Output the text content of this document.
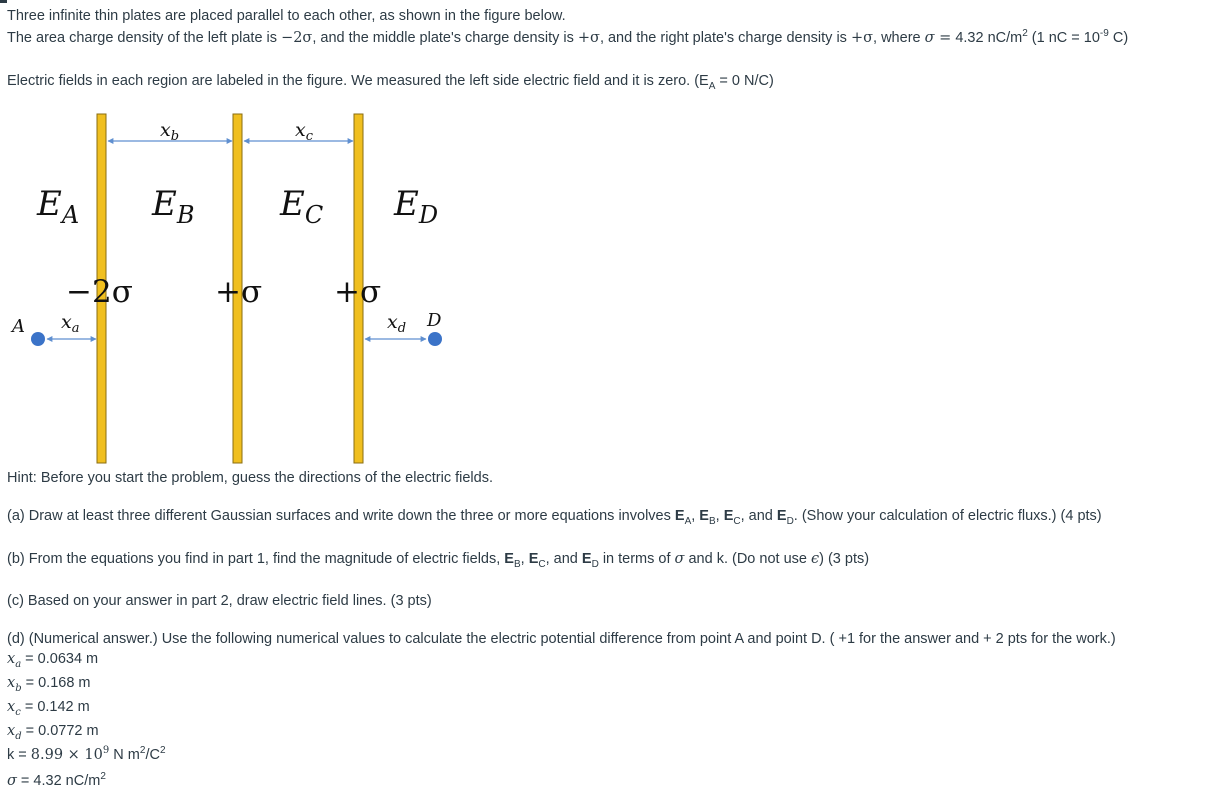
Three infinite thin plates are placed parallel to each other, as shown in the figure below.
The area charge density of the left plate is −2σ, and the middle plate's charge density is +σ, and the right plate's charge density is +σ, where σ = 4.32 $nC/m^2$ (1 nC = $10^{-9}$ C)
Electric fields in each region are labeled in the figure. We measured the left side electric field and it is zero. ($E_A = 0$ N/C)
$x_b$	$x_c$
$E_A$ $E_B$	$E_C$ $E_D$
−2σ	+σ +σ
A $x_a$	$x_d$ D
Hint: Before you start the problem, guess the directions of the electric fields.
(a) Draw at least three different Gaussian surfaces and write down the three or more equations involves $E_A$, $E_B$, $E_C$, and $E_D$. (Show your calculation of electric fluxs.) (4 pts)
(b) From the equations you find in part 1, find the magnitude of electric fields, $E_B$, $E_C$, and $E_D$ in terms of σ and k. (Do not use ϵ) (3 pts)
(c) Based on your answer in part 2, draw electric field lines. (3 pts)
(d) (Numerical answer.) Use the following numerical values to calculate the electric potential difference from point A and point D. ( +1 for the answer and + 2 pts for the work.)
$x_a = 0.0634$ m
$x_b = 0.168$ m
$x_c = 0.142$ m
$x_d = 0.0772$ m
$k = 8.99 \times 10^9$ N $m^2/C^2$
σ = 4.32 $nC/m^2$
